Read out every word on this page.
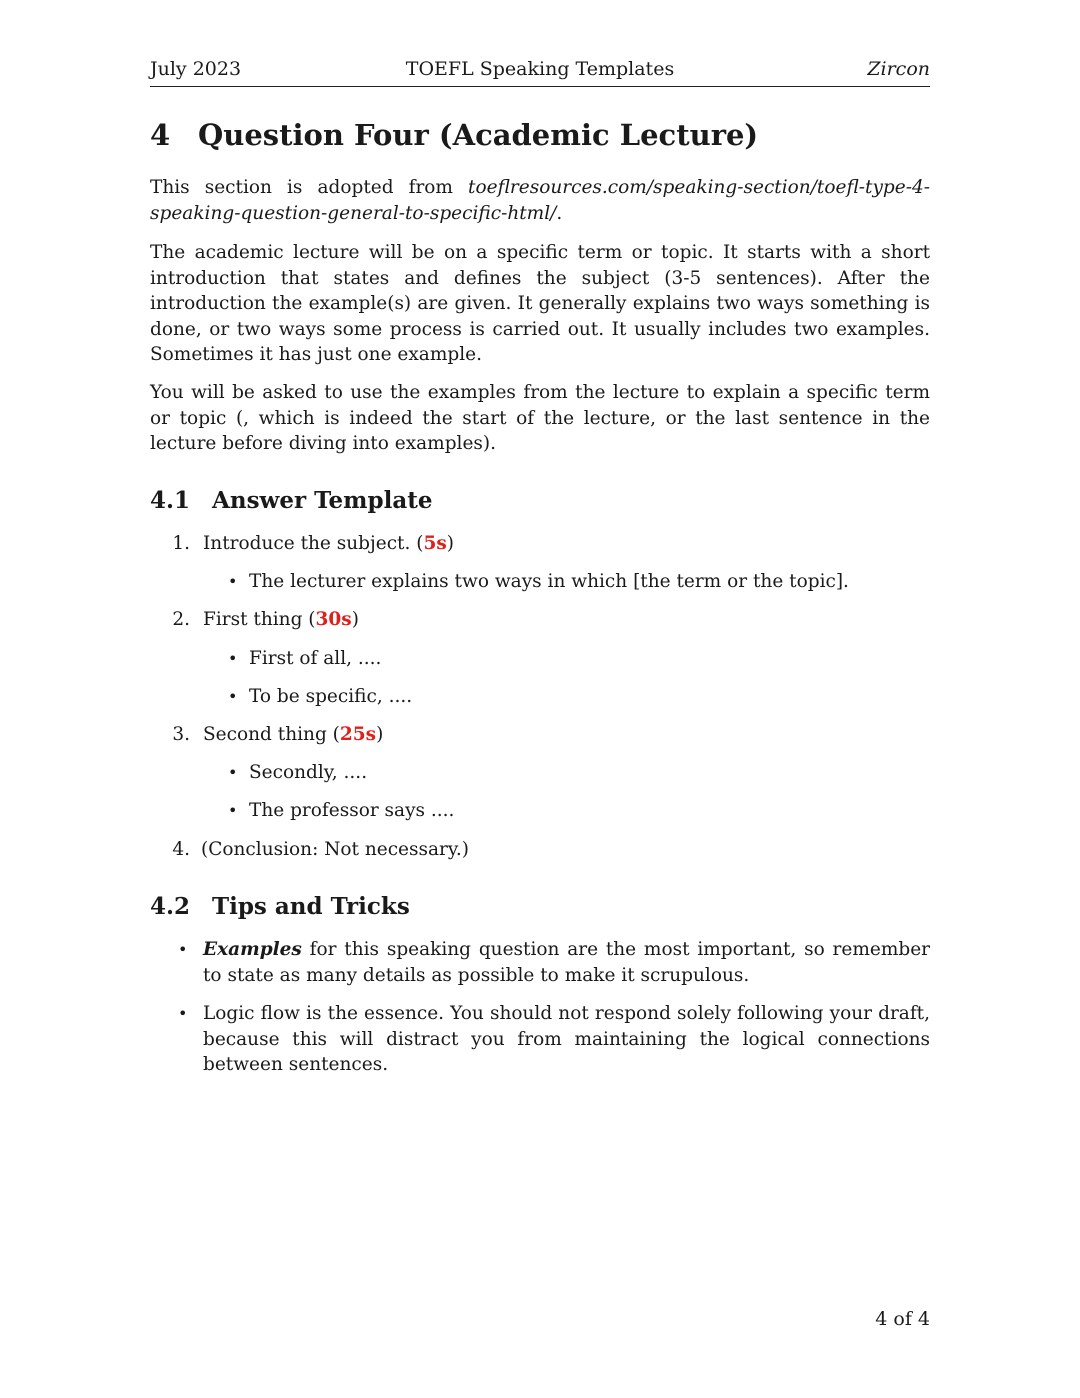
July 2023	TOEFL Speaking Templates	Zircon
4 Question Four (Academic Lecture)

This section is adopted from toeflresources.com/speaking-section/toefl-type-4-speaking-question-general-to-specific-html/.

The academic lecture will be on a specific term or topic. It starts with a short introduction that states and defines the subject (3-5 sentences). After the introduction the example(s) are given. It generally explains two ways something is done, or two ways some process is carried out. It usually includes two examples. Sometimes it has just one example.

You will be asked to use the examples from the lecture to explain a specific term or topic (, which is indeed the start of the lecture, or the last sentence in the lecture before diving into examples).

4.1 Answer Template
1. Introduce the subject. (5s)
• The lecturer explains two ways in which [the term or the topic].
2. First thing (30s)
• First of all, ....
• To be specific, ....
3. Second thing (25s)
• Secondly, ....
• The professor says ....
4. (Conclusion: Not necessary.)
4.2 Tips and Tricks
• Examples for this speaking question are the most important, so remember to state as many details as possible to make it scrupulous.

• Logic flow is the essence. You should not respond solely following your draft, because this will distract you from maintaining the logical connections between sentences.

4 of 4
